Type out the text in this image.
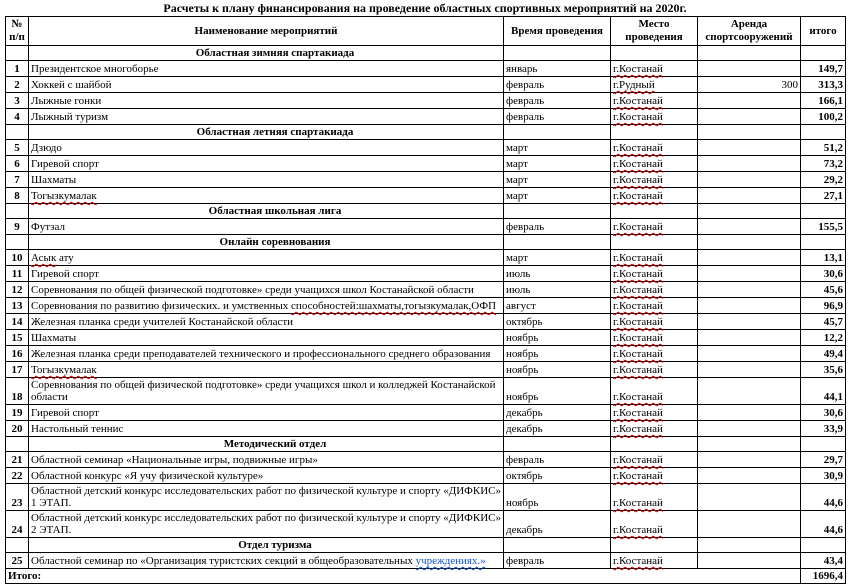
Расчеты к плану финансирования на проведение областных спортивных мероприятий на 2020г.
№ п/п	Наименование мероприятий	Время проведения	Место проведения	Аренда спортсооружений	итого
	Областная зимняя спартакиада				
1	Президентское многоборье	январь	г.Костанай		149,7
2	Хоккей с шайбой	февраль	г.Рудный	300	313,3
3	Лыжные гонки	февраль	г.Костанай		166,1
4	Лыжный туризм	февраль	г.Костанай		100,2
	Областная летняя спартакиада				
5	Дзюдо	март	г.Костанай		51,2
6	Гиревой спорт	март	г.Костанай		73,2
7	Шахматы	март	г.Костанай		29,2
8	Тогызкумалак	март	г.Костанай		27,1
	Областная школьная лига				
9	Футзал	февраль	г.Костанай		155,5
	Онлайн соревнования				
10	Асык ату	март	г.Костанай		13,1
11	Гиревой спорт	июль	г.Костанай		30,6
12	Соревнования по общей физической подготовке» среди учащихся школ Костанайской области	июль	г.Костанай		45,6
13	Соревнования по развитию физических. и умственных способностей:шахматы,тогызкумалак,ОФП	август	г.Костанай		96,9
14	Железная планка среди учителей Костанайской области	октябрь	г.Костанай		45,7
15	Шахматы	ноябрь	г.Костанай		12,2
16	Железная планка среди преподавателей технического и профессионального среднего образования	ноябрь	г.Костанай		49,4
17	Тогызкумалак	ноябрь	г.Костанай		35,6
18	Соревнования по общей физической подготовке» среди учащихся школ и колледжей Костанайской области	ноябрь	г.Костанай		44,1
19	Гиревой спорт	декабрь	г.Костанай		30,6
20	Настольный теннис	декабрь	г.Костанай		33,9
	Методический отдел				
21	Областной семинар «Национальные игры, подвижные игры»	февраль	г.Костанай		29,7
22	Областной конкурс «Я учу физической культуре»	октябрь	г.Костанай		30,9
23	Областной детский конкурс исследовательских работ по физической культуре и спорту «ДИФКИС» 1 ЭТАП.	ноябрь	г.Костанай		44,6
24	Областной детский конкурс исследовательских работ по физической культуре и спорту «ДИФКИС» 2 ЭТАП.	декабрь	г.Костанай		44,6
	Отдел туризма				
25	Областной семинар по «Организация туристских секций в общеобразовательных учреждениях.»	февраль	г.Костанай		43,4
Итого:					1696,4
